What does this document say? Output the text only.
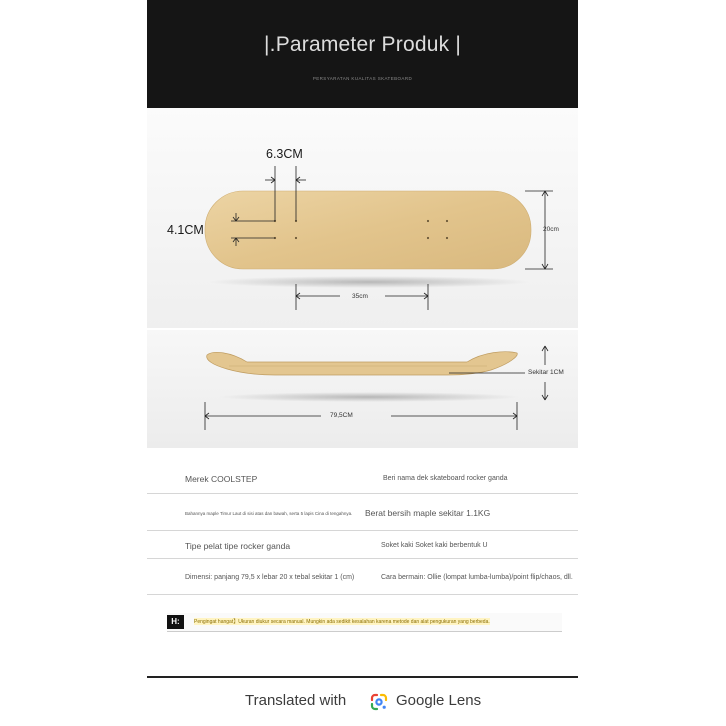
|.Parameter Produk |
PERSYARATAN KUALITAS SKATEBOARD
6.3CM
4.1CM	20cm
35cm
Sekitar 1CM
79,5CM
Merek COOLSTEP	Beri nama dek skateboard rocker ganda
Bahannya maple Timur Laut di sisi atas dan bawah, serta 5 lapis Cina di tengahnya. Berat bersih maple sekitar 1.1KG
Tipe pelat tipe rocker ganda	Soket kaki Soket kaki berbentuk U
Dimensi: panjang 79,5 x lebar 20 x tebal sekitar 1 (cm)	Cara bermain: Ollie (lompat lumba-lumba)/point flip/chaos, dll.
H:	Pengingat hangat】Ukuran diukur secara manual. Mungkin ada sedikit kesalahan karena metode dan alat pengukuran yang berbeda.
Translated with	Google Lens
